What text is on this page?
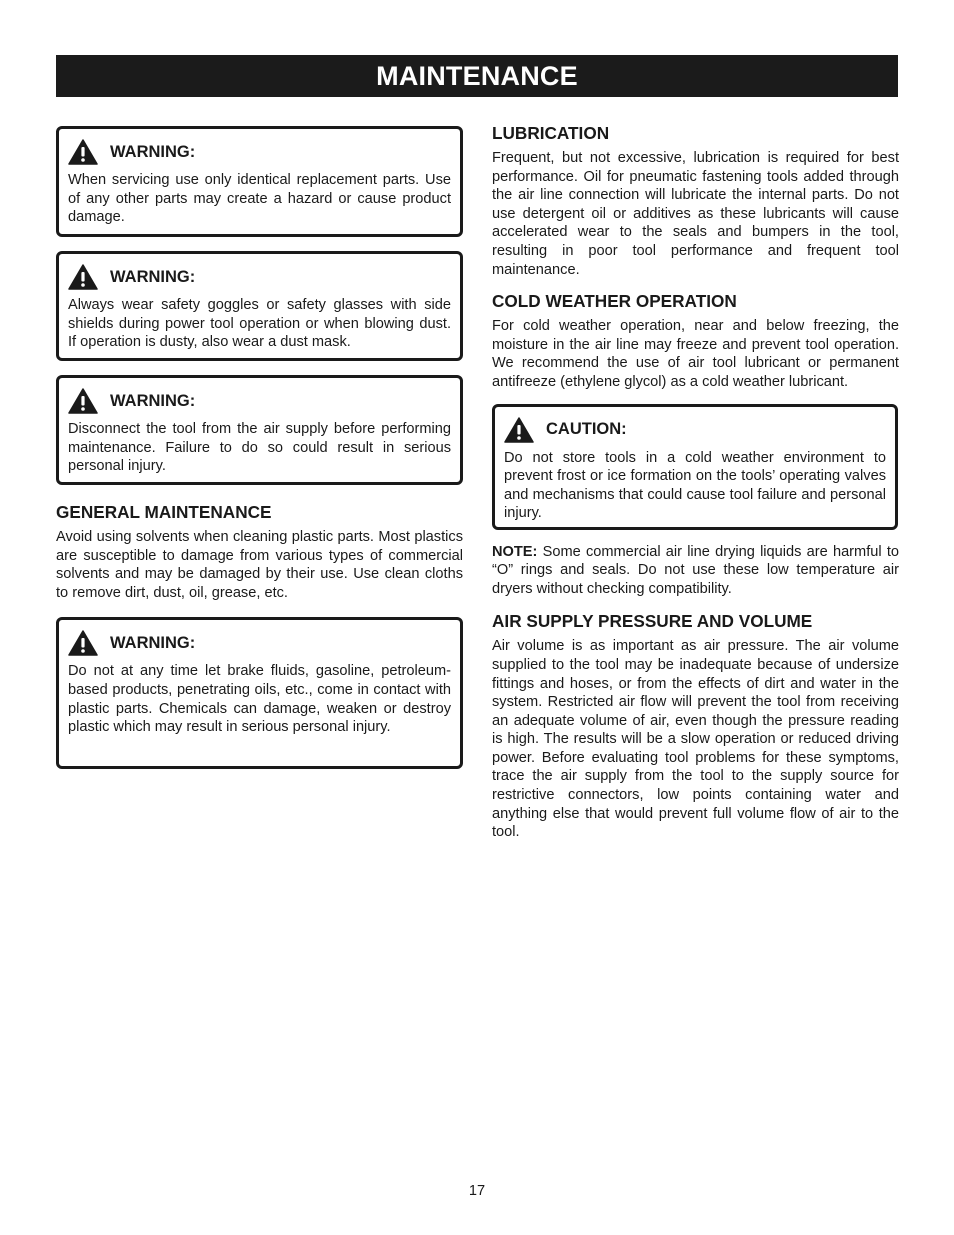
MAINTENANCE
WARNING:

When servicing use only identical replacement parts. Use of any other parts may create a hazard or cause product damage.

WARNING:

Always wear safety goggles or safety glasses with side shields during power tool operation or when blowing dust. If operation is dusty, also wear a dust mask.

WARNING:

Disconnect the tool from the air supply before performing maintenance. Failure to do so could result in serious personal injury.

GENERAL MAINTENANCE

Avoid using solvents when cleaning plastic parts. Most plastics are susceptible to damage from various types of commercial solvents and may be damaged by their use. Use clean cloths to remove dirt, dust, oil, grease, etc.

WARNING:

Do not at any time let brake fluids, gasoline, petroleum-based products, penetrating oils, etc., come in contact with plastic parts. Chemicals can damage, weaken or destroy plastic which may result in serious personal injury.

LUBRICATION

Frequent, but not excessive, lubrication is required for best performance. Oil for pneumatic fastening tools added through the air line connection will lubricate the internal parts. Do not use detergent oil or additives as these lubricants will cause accelerated wear to the seals and bumpers in the tool, resulting in poor tool performance and frequent tool maintenance.

COLD WEATHER OPERATION

For cold weather operation, near and below freezing, the moisture in the air line may freeze and prevent tool operation. We recommend the use of air tool lubricant or permanent antifreeze (ethylene glycol) as a cold weather lubricant.

CAUTION:

Do not store tools in a cold weather environment to prevent frost or ice formation on the tools’ operating valves and mechanisms that could cause tool failure and personal injury.

NOTE: Some commercial air line drying liquids are harmful to “O” rings and seals. Do not use these low temperature air dryers without checking compatibility.

AIR SUPPLY PRESSURE AND VOLUME

Air volume is as important as air pressure. The air volume supplied to the tool may be inadequate because of undersize fittings and hoses, or from the effects of dirt and water in the system. Restricted air flow will prevent the tool from receiving an adequate volume of air, even though the pressure reading is high. The results will be a slow operation or reduced driving power. Before evaluating tool problems for these symptoms, trace the air supply from the tool to the supply source for restrictive connectors, low points containing water and anything else that would prevent full volume flow of air to the tool.

17
